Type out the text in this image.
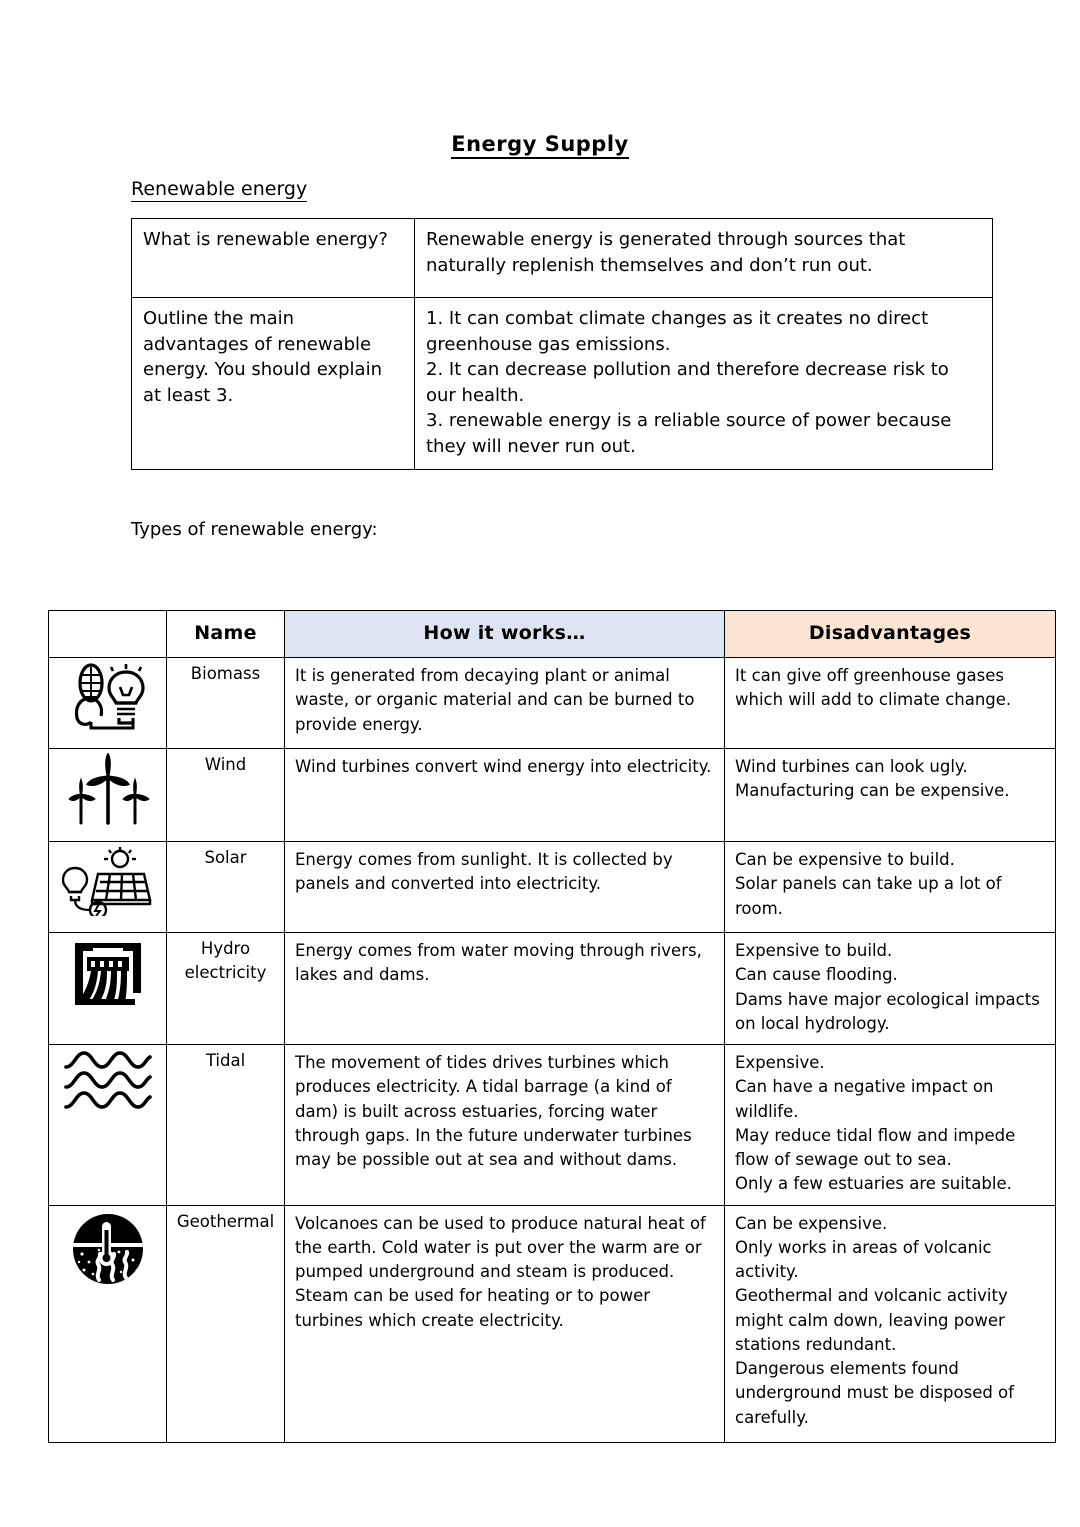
Energy Supply
Renewable energy
What is renewable energy?	Renewable energy is generated through sources that naturally replenish themselves and don’t run out.
Outline the main advantages of renewable energy. You should explain at least 3.	1. It can combat climate changes as it creates no direct greenhouse gas emissions.
2. It can decrease pollution and therefore decrease risk to our health.
3. renewable energy is a reliable source of power because they will never run out.
Types of renewable energy:
	Name	How it works…	Disadvantages

	Biomass	It is generated from decaying plant or animal waste, or organic material and can be burned to provide energy.	It can give off greenhouse gases which will add to climate change.

	Wind	Wind turbines convert wind energy into electricity.	Wind turbines can look ugly.
Manufacturing can be expensive.

	Solar	Energy comes from sunlight. It is collected by panels and converted into electricity.	Can be expensive to build.
Solar panels can take up a lot of room.

	Hydro electricity	Energy comes from water moving through rivers, lakes and dams.	Expensive to build.
Can cause flooding.
Dams have major ecological impacts on local hydrology.

	Tidal	The movement of tides drives turbines which produces electricity. A tidal barrage (a kind of dam) is built across estuaries, forcing water through gaps. In the future underwater turbines may be possible out at sea and without dams.	
Expensive.
Can have a negative impact on wildlife.
May reduce tidal flow and impede flow of sewage out to sea.
Only a few estuaries are suitable.

	Geothermal	Volcanoes can be used to produce natural heat of the earth. Cold water is put over the warm are or pumped underground and steam is produced. Steam can be used for heating or to power turbines which create electricity.	
Can be expensive.
Only works in areas of volcanic activity.
Geothermal and volcanic activity might calm down, leaving power stations redundant.
Dangerous elements found underground must be disposed of carefully.
